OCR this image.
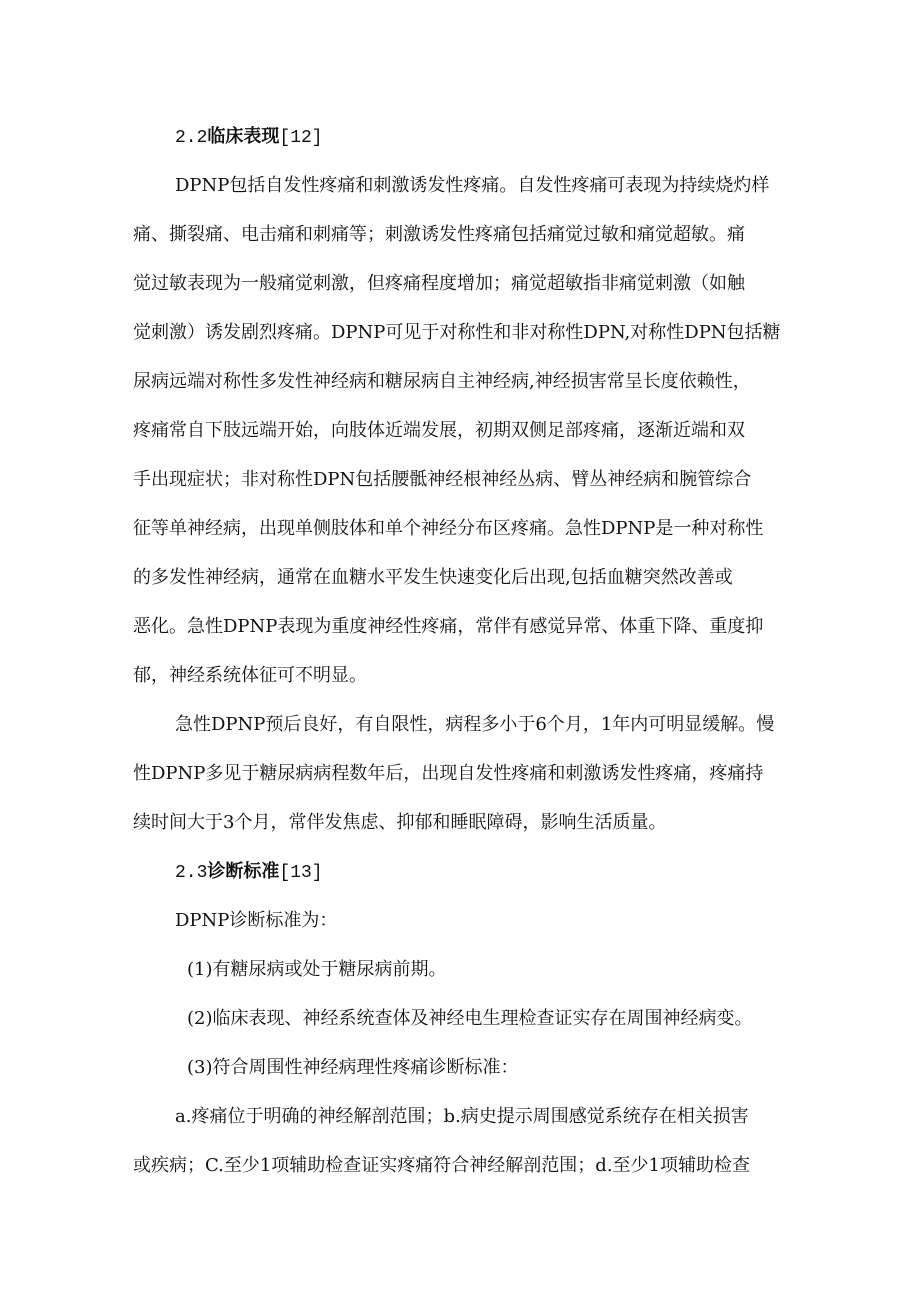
2.2临床表现[12]
DPNP包括自发性疼痛和刺激诱发性疼痛。自发性疼痛可表现为持续烧灼样
痛、撕裂痛、电击痛和刺痛等；刺激诱发性疼痛包括痛觉过敏和痛觉超敏。痛
觉过敏表现为一般痛觉刺激，但疼痛程度增加；痛觉超敏指非痛觉刺激（如触
觉刺激）诱发剧烈疼痛。DPNP可见于对称性和非对称性DPN,对称性DPN包括糖
尿病远端对称性多发性神经病和糖尿病自主神经病,神经损害常呈长度依赖性，
疼痛常自下肢远端开始，向肢体近端发展，初期双侧足部疼痛，逐渐近端和双
手出现症状；非对称性DPN包括腰骶神经根神经丛病、臂丛神经病和腕管综合
征等单神经病，出现单侧肢体和单个神经分布区疼痛。急性DPNP是一种对称性
的多发性神经病，通常在血糖水平发生快速变化后出现,包括血糖突然改善或
恶化。急性DPNP表现为重度神经性疼痛，常伴有感觉异常、体重下降、重度抑
郁，神经系统体征可不明显。
急性DPNP预后良好，有自限性，病程多小于6个月，1年内可明显缓解。慢
性DPNP多见于糖尿病病程数年后，出现自发性疼痛和刺激诱发性疼痛，疼痛持
续时间大于3个月，常伴发焦虑、抑郁和睡眠障碍，影响生活质量。
2.3诊断标准[13]
DPNP诊断标准为：
(1)有糖尿病或处于糖尿病前期。
(2)临床表现、神经系统查体及神经电生理检查证实存在周围神经病变。
(3)符合周围性神经病理性疼痛诊断标准：
a.疼痛位于明确的神经解剖范围；b.病史提示周围感觉系统存在相关损害
或疾病；C.至少1项辅助检查证实疼痛符合神经解剖范围；d.至少1项辅助检查
